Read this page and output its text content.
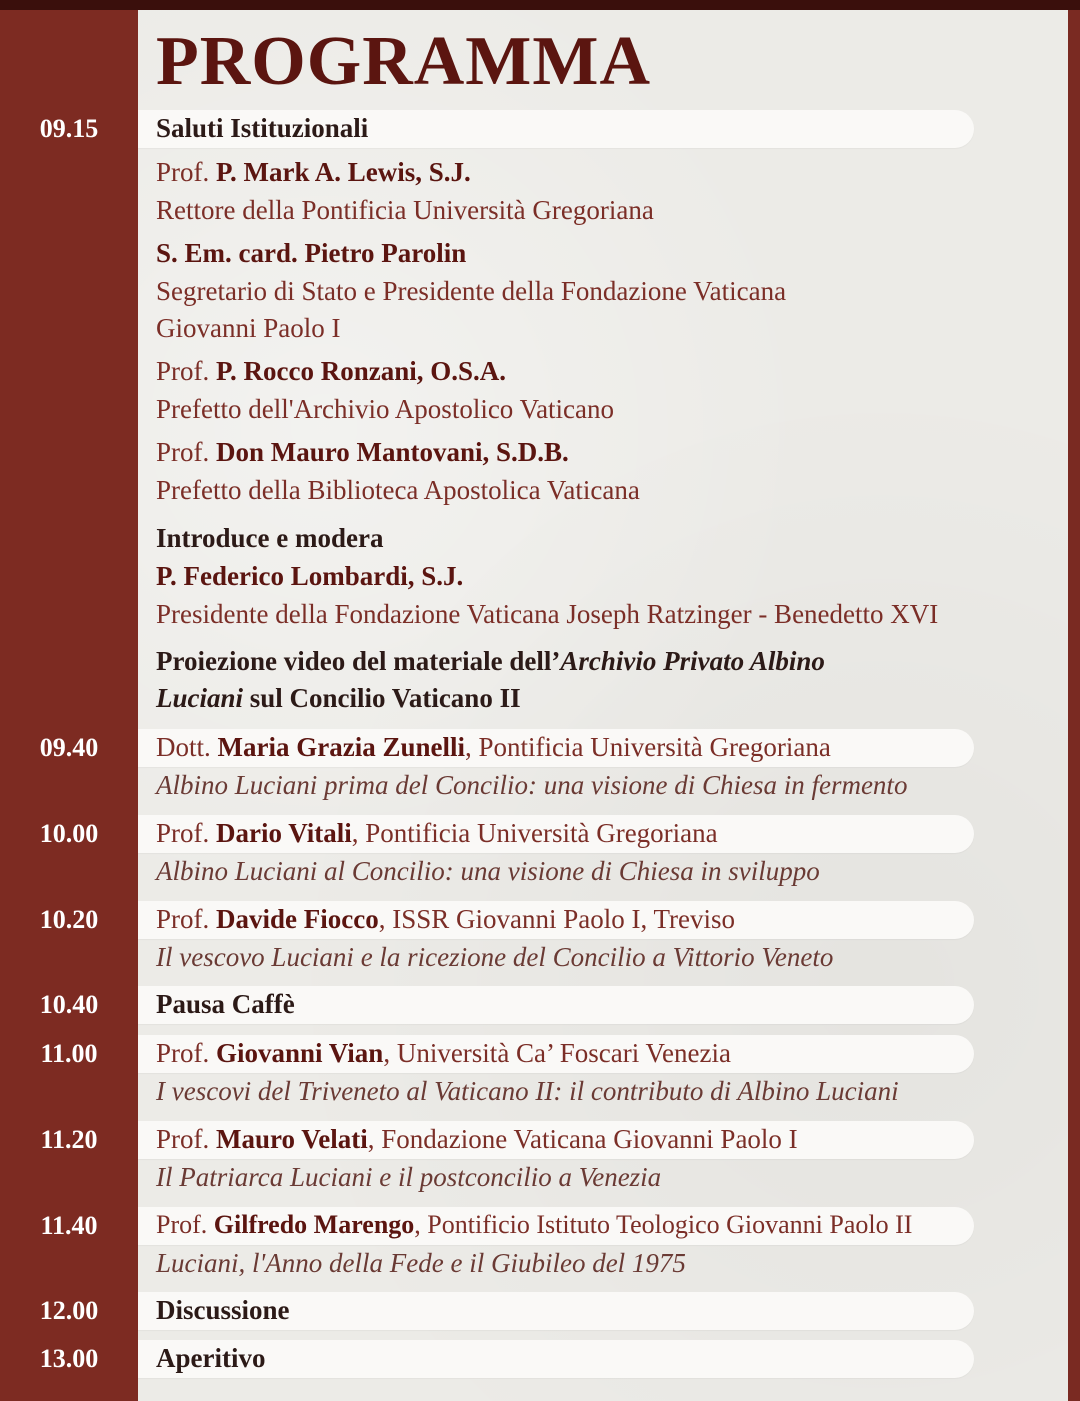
PROGRAMMA
09.15	Saluti Istituzionali
Prof. P. Mark A. Lewis, S.J.
Rettore della Pontificia Università Gregoriana
S. Em. card. Pietro Parolin
Segretario di Stato e Presidente della Fondazione Vaticana
Giovanni Paolo I
Prof. P. Rocco Ronzani, O.S.A.
Prefetto dell'Archivio Apostolico Vaticano
Prof. Don Mauro Mantovani, S.D.B.
Prefetto della Biblioteca Apostolica Vaticana
Introduce e modera
P. Federico Lombardi, S.J.
Presidente della Fondazione Vaticana Joseph Ratzinger - Benedetto XVI
Proiezione video del materiale dell’Archivio Privato Albino
Luciani sul Concilio Vaticano II
09.40	Dott. Maria Grazia Zunelli, Pontificia Università Gregoriana
Albino Luciani prima del Concilio: una visione di Chiesa in fermento
10.00	Prof. Dario Vitali, Pontificia Università Gregoriana
Albino Luciani al Concilio: una visione di Chiesa in sviluppo
10.20	Prof. Davide Fiocco, ISSR Giovanni Paolo I, Treviso
Il vescovo Luciani e la ricezione del Concilio a Vittorio Veneto
10.40	Pausa Caffè
11.00	Prof. Giovanni Vian, Università Ca’ Foscari Venezia
I vescovi del Triveneto al Vaticano II: il contributo di Albino Luciani
11.20	Prof. Mauro Velati, Fondazione Vaticana Giovanni Paolo I
Il Patriarca Luciani e il postconcilio a Venezia
11.40	Prof. Gilfredo Marengo, Pontificio Istituto Teologico Giovanni Paolo II
Luciani, l'Anno della Fede e il Giubileo del 1975
12.00	Discussione
13.00	Aperitivo
